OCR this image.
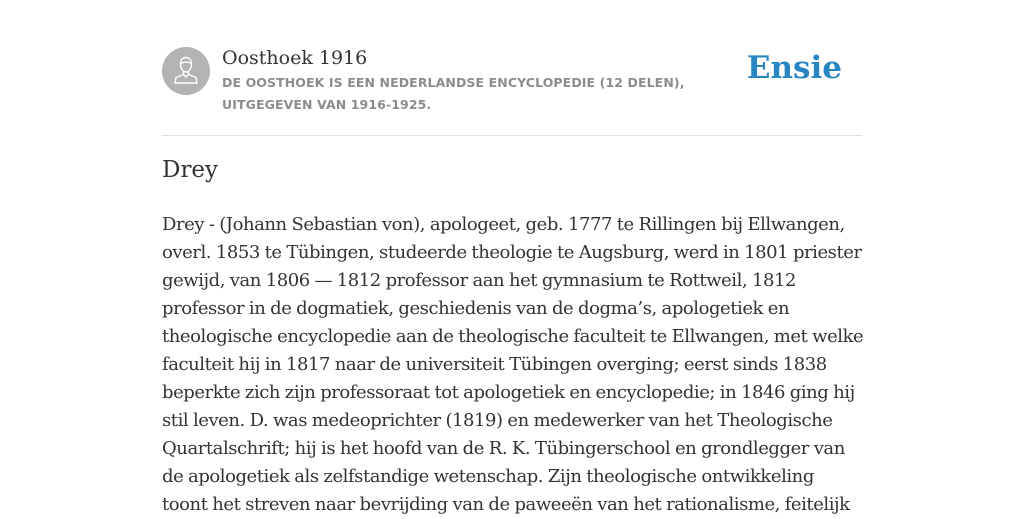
Oosthoek 1916
DE OOSTHOEK IS EEN NEDERLANDSE ENCYCLOPEDIE (12 DELEN), UITGEGEVEN VAN 1916-1925.
Ensie
Drey

Drey - (Johann Sebastian von), apologeet, geb. 1777 te Rillingen bij Ellwangen, overl. 1853 te Tübingen, studeerde theologie te Augsburg, werd in 1801 priester gewijd, van 1806 — 1812 professor aan het gymnasium te Rottweil, 1812 professor in de dogmatiek, geschiedenis van de dogma’s, apologetiek en theologische encyclopedie aan de theologische faculteit te Ellwangen, met welke faculteit hij in 1817 naar de universiteit Tübingen overging; eerst sinds 1838 beperkte zich zijn professoraat tot apologetiek en encyclopedie; in 1846 ging hij stil leven. D. was medeoprichter (1819) en medewerker van het Theologische Quartalschrift; hij is het hoofd van de R. K. Tübingerschool en grondlegger van de apologetiek als zelfstandige wetenschap. Zijn theologische ontwikkeling toont het streven naar bevrijding van de paweeën van het rationalisme, feitelijk
